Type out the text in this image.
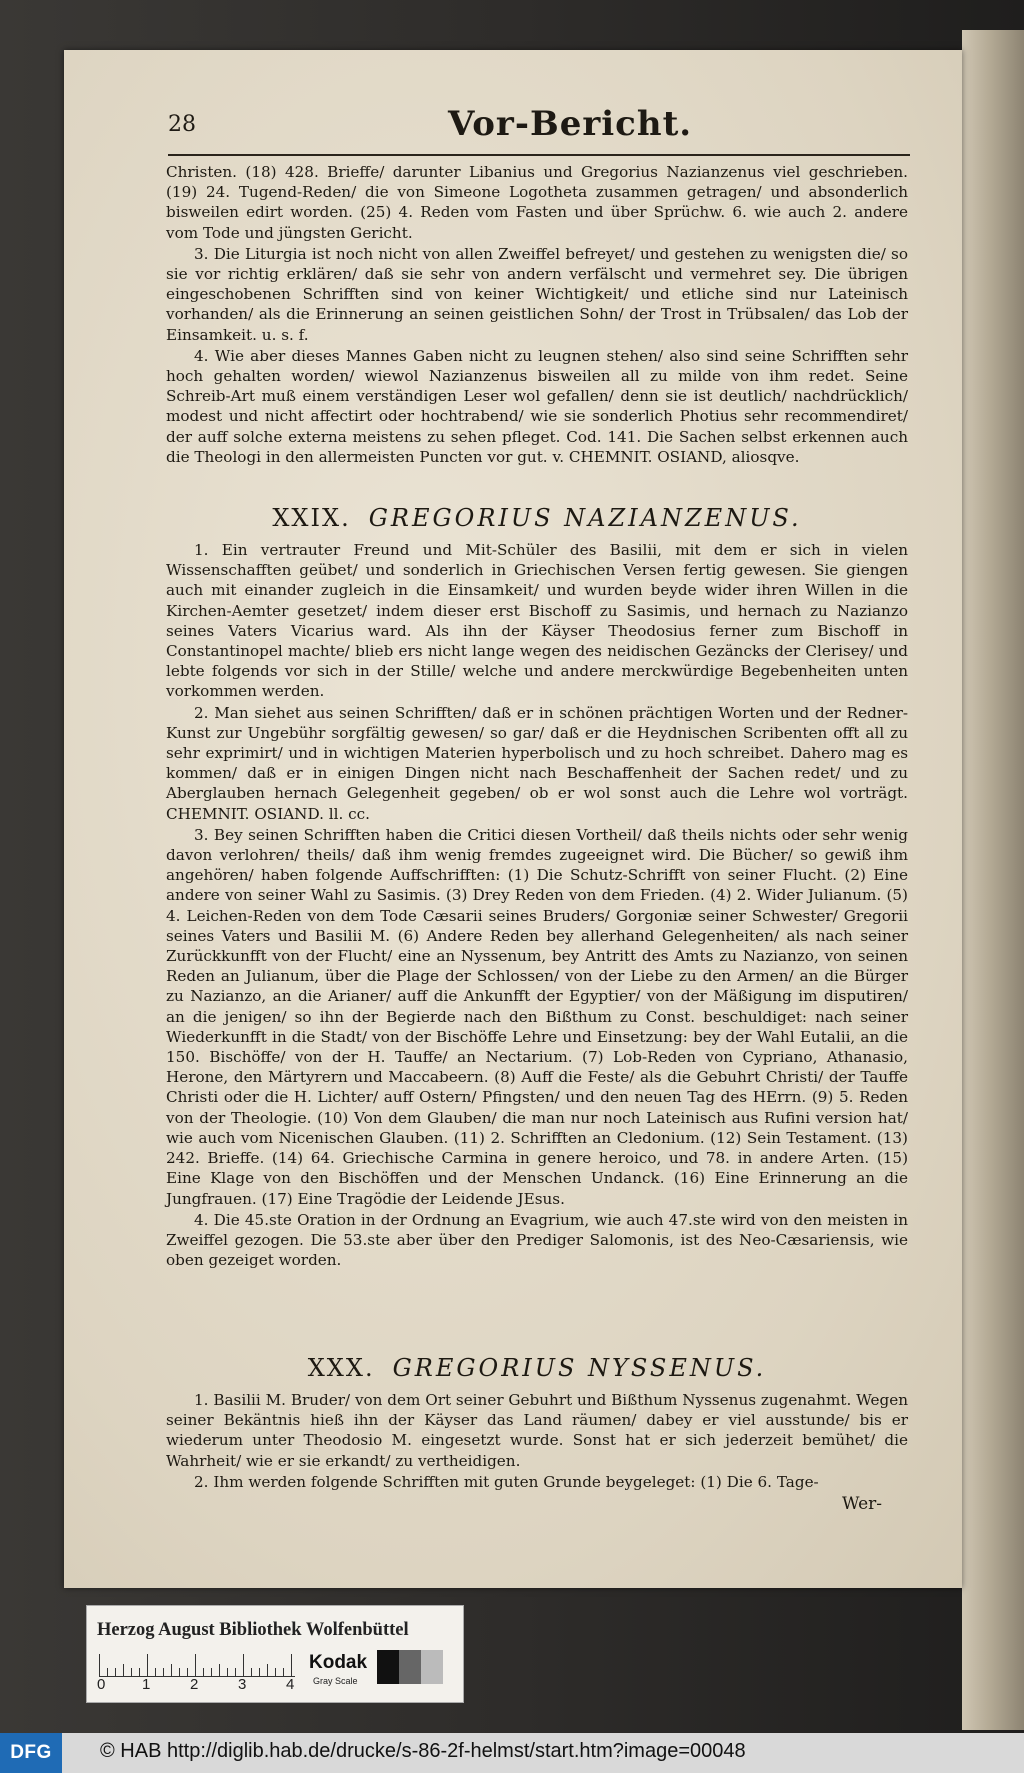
28	Vor-Bericht.

Christen. (18) 428. Brieffe/ darunter Libanius und Gregorius Nazianzenus viel geschrieben. (19) 24. Tugend-Reden/ die von Simeone Logotheta zusammen getragen/ und absonderlich bisweilen edirt worden. (25) 4. Reden vom Fasten und über Sprüchw. 6. wie auch 2. andere vom Tode und jüngsten Gericht.

3. Die Liturgia ist noch nicht von allen Zweiffel befreyet/ und gestehen zu wenigsten die/ so sie vor richtig erklären/ daß sie sehr von andern verfälscht und vermehret sey. Die übrigen eingeschobenen Schrifften sind von keiner Wichtigkeit/ und etliche sind nur Lateinisch vorhanden/ als die Erinnerung an seinen geistlichen Sohn/ der Trost in Trübsalen/ das Lob der Einsamkeit. u. s. f.

4. Wie aber dieses Mannes Gaben nicht zu leugnen stehen/ also sind seine Schrifften sehr hoch gehalten worden/ wiewol Nazianzenus bisweilen all zu milde von ihm redet. Seine Schreib-Art muß einem verständigen Leser wol gefallen/ denn sie ist deutlich/ nachdrücklich/ modest und nicht affectirt oder hochtrabend/ wie sie sonderlich Photius sehr recommendiret/ der auff solche externa meistens zu sehen pfleget. Cod. 141. Die Sachen selbst erkennen auch die Theologi in den allermeisten Puncten vor gut. v. CHEMNIT. OSIAND, aliosqve.

XXIX. GREGORIUS NAZIANZENUS.

1. Ein vertrauter Freund und Mit-Schüler des Basilii, mit dem er sich in vielen Wissenschafften geübet/ und sonderlich in Griechischen Versen fertig gewesen. Sie giengen auch mit einander zugleich in die Einsamkeit/ und wurden beyde wider ihren Willen in die Kirchen-Aemter gesetzet/ indem dieser erst Bischoff zu Sasimis, und hernach zu Nazianzo seines Vaters Vicarius ward. Als ihn der Käyser Theodosius ferner zum Bischoff in Constantinopel machte/ blieb ers nicht lange wegen des neidischen Gezäncks der Clerisey/ und lebte folgends vor sich in der Stille/ welche und andere merckwürdige Begebenheiten unten vorkommen werden.

2. Man siehet aus seinen Schrifften/ daß er in schönen prächtigen Worten und der Redner-Kunst zur Ungebühr sorgfältig gewesen/ so gar/ daß er die Heydnischen Scribenten offt all zu sehr exprimirt/ und in wichtigen Materien hyperbolisch und zu hoch schreibet. Dahero mag es kommen/ daß er in einigen Dingen nicht nach Beschaffenheit der Sachen redet/ und zu Aberglauben hernach Gelegenheit gegeben/ ob er wol sonst auch die Lehre wol vorträgt. CHEMNIT. OSIAND. ll. cc.

3. Bey seinen Schrifften haben die Critici diesen Vortheil/ daß theils nichts oder sehr wenig davon verlohren/ theils/ daß ihm wenig fremdes zugeeignet wird. Die Bücher/ so gewiß ihm angehören/ haben folgende Auffschrifften: (1) Die Schutz-Schrifft von seiner Flucht. (2) Eine andere von seiner Wahl zu Sasimis. (3) Drey Reden von dem Frieden. (4) 2. Wider Julianum. (5) 4. Leichen-Reden von dem Tode Cæsarii seines Bruders/ Gorgoniæ seiner Schwester/ Gregorii seines Vaters und Basilii M. (6) Andere Reden bey allerhand Gelegenheiten/ als nach seiner Zurückkunfft von der Flucht/ eine an Nyssenum, bey Antritt des Amts zu Nazianzo, von seinen Reden an Julianum, über die Plage der Schlossen/ von der Liebe zu den Armen/ an die Bürger zu Nazianzo, an die Arianer/ auff die Ankunfft der Egyptier/ von der Mäßigung im disputiren/ an die jenigen/ so ihn der Begierde nach den Bißthum zu Const. beschuldiget: nach seiner Wiederkunfft in die Stadt/ von der Bischöffe Lehre und Einsetzung: bey der Wahl Eutalii, an die 150. Bischöffe/ von der H. Tauffe/ an Nectarium. (7) Lob-Reden von Cypriano, Athanasio, Herone, den Märtyrern und Maccabeern. (8) Auff die Feste/ als die Gebuhrt Christi/ der Tauffe Christi oder die H. Lichter/ auff Ostern/ Pfingsten/ und den neuen Tag des HErrn. (9) 5. Reden von der Theologie. (10) Von dem Glauben/ die man nur noch Lateinisch aus Rufini version hat/ wie auch vom Nicenischen Glauben. (11) 2. Schrifften an Cledonium. (12) Sein Testament. (13) 242. Brieffe. (14) 64. Griechische Carmina in genere heroico, und 78. in andere Arten. (15) Eine Klage von den Bischöffen und der Menschen Undanck. (16) Eine Erinnerung an die Jungfrauen. (17) Eine Tragödie der Leidende JEsus.

4. Die 45.ste Oration in der Ordnung an Evagrium, wie auch 47.ste wird von den meisten in Zweiffel gezogen. Die 53.ste aber über den Prediger Salomonis, ist des Neo-Cæsariensis, wie oben gezeiget worden.

XXX. GREGORIUS NYSSENUS.

1. Basilii M. Bruder/ von dem Ort seiner Gebuhrt und Bißthum Nyssenus zugenahmt. Wegen seiner Bekäntnis hieß ihn der Käyser das Land räumen/ dabey er viel ausstunde/ bis er wiederum unter Theodosio M. eingesetzt wurde. Sonst hat er sich jederzeit bemühet/ die Wahrheit/ wie er sie erkandt/ zu vertheidigen.

2. Ihm werden folgende Schrifften mit guten Grunde beygeleget: (1) Die 6. Tage-

Wer-
Herzog August Bibliothek Wolfenbüttel
0 1	2	3	4
Kodak
Gray Scale
DFG	© HAB http://diglib.hab.de/drucke/s-86-2f-helmst/start.htm?image=00048
